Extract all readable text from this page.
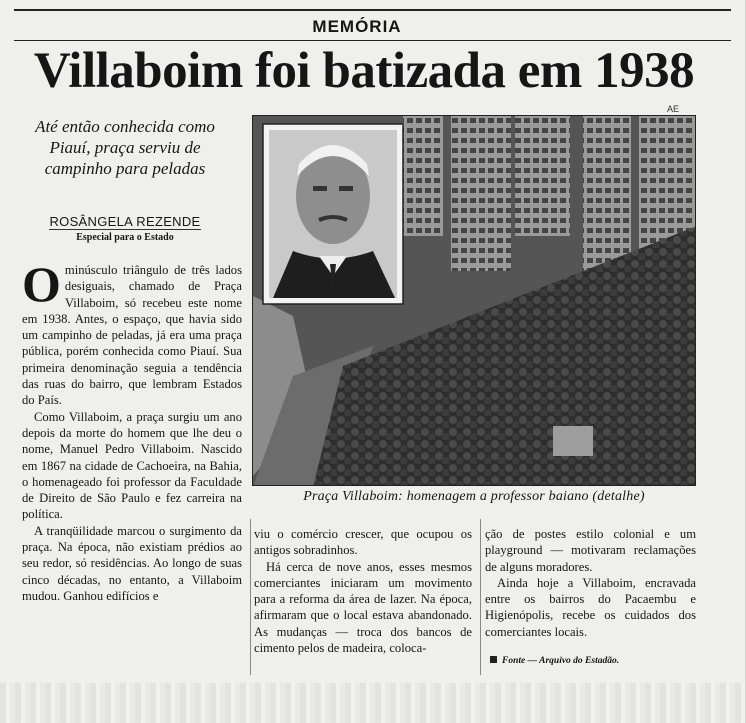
MEMÓRIA
Villaboim foi batizada em 1938
AE
Até então conhecida como Piauí, praça serviu de campinho para peladas
ROSÂNGELA REZENDE
Especial para o Estado
Praça Villaboim: homenagem a professor baiano (detalhe)

Ominúsculo triângulo de três lados desiguais, chamado de Praça Villaboim, só recebeu este nome em 1938. Antes, o espaço, que havia sido um campinho de peladas, já era uma praça pública, porém conhecida como Piauí. Sua primeira denominação seguia a tendência das ruas do bairro, que lembram Estados do País.

Como Villaboim, a praça surgiu um ano depois da morte do homem que lhe deu o nome, Manuel Pedro Villaboim. Nascido em 1867 na cidade de Cachoeira, na Bahia, o homenageado foi professor da Faculdade de Direito de São Paulo e fez carreira na política.

A tranqüilidade marcou o surgimento da praça. Na época, não existiam prédios ao seu redor, só residências. Ao longo de suas cinco décadas, no entanto, a Villaboim mudou. Ganhou edifícios e

viu o comércio crescer, que ocupou os antigos sobradinhos.

Há cerca de nove anos, esses mesmos comerciantes iniciaram um movimento para a reforma da área de lazer. Na época, afirmaram que o local estava abandonado. As mudanças — troca dos bancos de cimento pelos de madeira, coloca-

ção de postes estilo colonial e um playground — motivaram reclamações de alguns moradores.

Ainda hoje a Villaboim, encravada entre os bairros do Pacaembu e Higienópolis, recebe os cuidados dos comerciantes locais.

Fonte — Arquivo do Estadão.
